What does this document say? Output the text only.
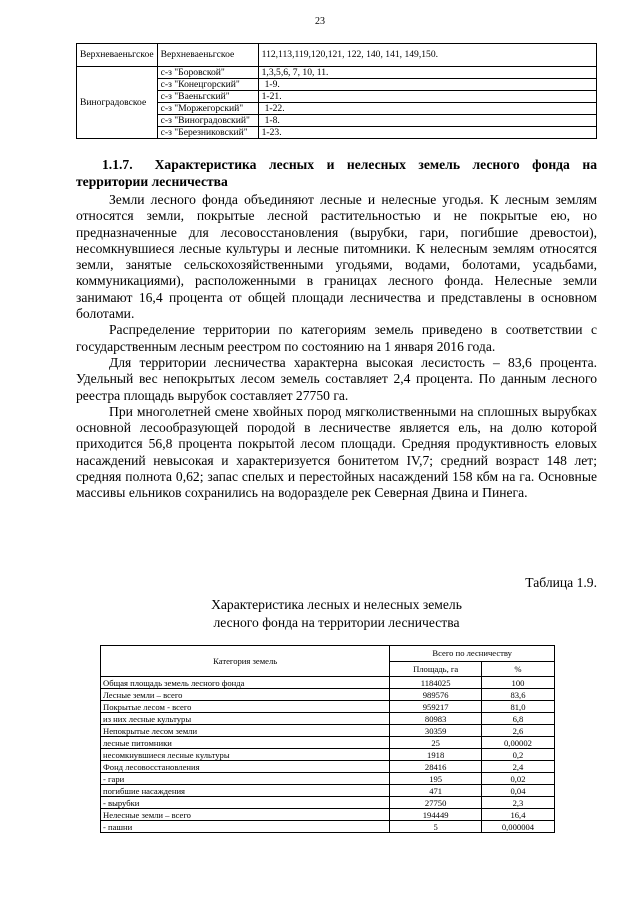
23
Верхневаеньгское	Верхневаеньгское	112,113,119,120,121, 122, 140, 141, 149,150.
Виноградовское	с-з "Боровской"	1,3,5,6, 7, 10, 11.
	с-з "Конецгорский"	1-9.
	с-з "Ваеньгский"	1-21.
	с-з "Моржегорский"	1-22.
	с-з "Виноградовский"	1-8.
	с-з "Березниковский"	1-23.
1.1.7. Характеристика лесных и нелесных земель лесного фонда на территории лесничества

Земли лесного фонда объединяют лесные и нелесные угодья. К лесным землям относятся земли, покрытые лесной растительностью и не покрытые ею, но предназначенные для лесовосстановления (вырубки, гари, погибшие древостои), несомкнувшиеся лесные культуры и лесные питомники. К нелесным землям относятся земли, занятые сельскохозяйственными угодьями, водами, болотами, усадьбами, коммуникациями), расположенными в границах лесного фонда. Нелесные земли занимают 16,4 процента от общей площади лесничества и представлены в основном болотами.

Распределение территории по категориям земель приведено в соответствии с государственным лесным реестром по состоянию на 1 января 2016 года.

Для территории лесничества характерна высокая лесистость – 83,6 процента. Удельный вес непокрытых лесом земель составляет 2,4 процента. По данным лесного реестра площадь вырубок составляет 27750 га.

При многолетней смене хвойных пород мягколиственными на сплошных вырубках основной лесообразующей породой в лесничестве является ель, на долю которой приходится 56,8 процента покрытой лесом площади. Средняя продуктивность еловых насаждений невысокая и характеризуется бонитетом IV,7; средний возраст 148 лет; средняя полнота 0,62; запас спелых и перестойных насаждений 158 кбм на га. Основные массивы ельников сохранились на водоразделе рек Северная Двина и Пинега.

Таблица 1.9.
Характеристика лесных и нелесных земель
лесного фонда на территории лесничества
Категория земель	Всего по лесничеству	
	Площадь, га	%
Общая площадь земель лесного фонда	1184025	100
Лесные земли – всего	989576	83,6
Покрытые лесом - всего	959217	81,0
из них лесные культуры	80983	6,8
Непокрытые лесом земли	30359	2,6
лесные питомники	25	0,00002
несомкнувшиеся лесные культуры	1918	0,2
Фонд лесовосстановления	28416	2,4
- гари	195	0,02
погибшие насаждения	471	0,04
- вырубки	27750	2,3
Нелесные земли – всего	194449	16,4
- пашни	5	0,000004
